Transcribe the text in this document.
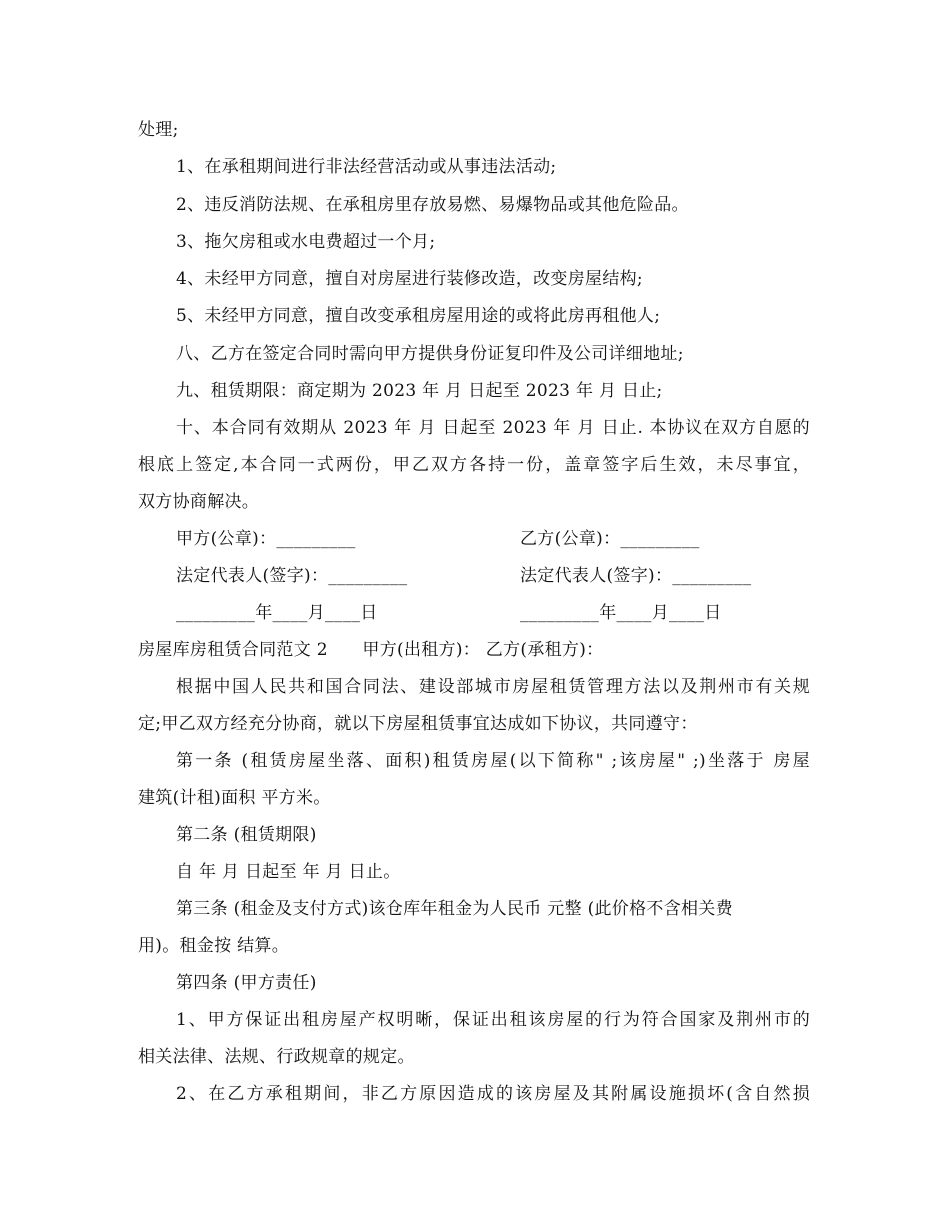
处理;
1、在承租期间进行非法经营活动或从事违法活动;
2、违反消防法规、在承租房里存放易燃、易爆物品或其他危险品。
3、拖欠房租或水电费超过一个月;
4、未经甲方同意，擅自对房屋进行装修改造，改变房屋结构;
5、未经甲方同意，擅自改变承租房屋用途的或将此房再租他人;
八、乙方在签定合同时需向甲方提供身份证复印件及公司详细地址;
九、租赁期限：商定期为 2023 年 月 日起至 2023 年 月 日止;
十、本合同有效期从 2023 年 月 日起至 2023 年 月 日止. 本协议在双方自愿的
根底上签定,本合同一式两份，甲乙双方各持一份，盖章签字后生效，未尽事宜，
双方协商解决。
甲方(公章)：_________	乙方(公章)：_________
法定代表人(签字)：_________	法定代表人(签字)：_________
_________年____月____日	_________年____月____日
房屋库房租赁合同范文 2　　甲方(出租方)： 乙方(承租方)：
根据中国人民共和国合同法、建设部城市房屋租赁管理方法以及荆州市有关规
定;甲乙双方经充分协商，就以下房屋租赁事宜达成如下协议，共同遵守：
第一条 (租赁房屋坐落、面积)租赁房屋(以下简称" ;该房屋" ;)坐落于 房屋
建筑(计租)面积 平方米。
第二条 (租赁期限)
自 年 月 日起至 年 月 日止。
第三条 (租金及支付方式)该仓库年租金为人民币 元整 (此价格不含相关费
用)。租金按 结算。
第四条 (甲方责任)
1、甲方保证出租房屋产权明晰，保证出租该房屋的行为符合国家及荆州市的
相关法律、法规、行政规章的规定。
2、在乙方承租期间，非乙方原因造成的该房屋及其附属设施损坏(含自然损
